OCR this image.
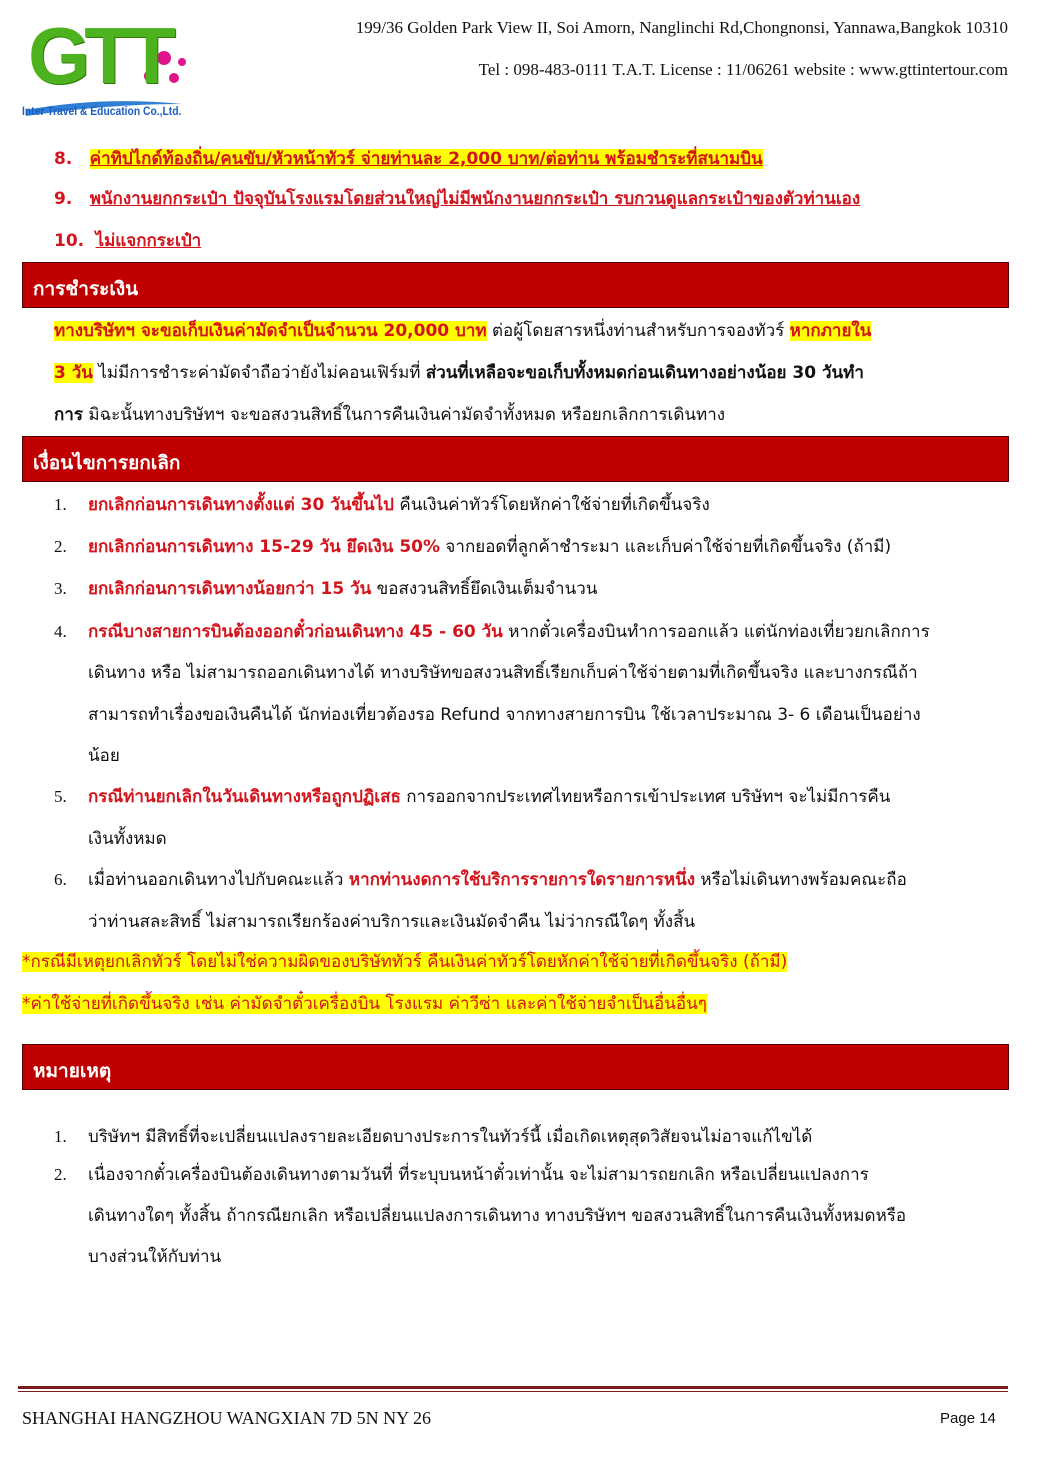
GTT
Inter Travel & Education Co.,Ltd.
199/36 Golden Park View II, Soi Amorn, Nanglinchi Rd,Chongnonsi, Yannawa,Bangkok 10310
Tel : 098-483-0111 T.A.T. License : 11/06261 website : www.gttintertour.com
8. ค่าทิปไกด์ท้องถิ่น/คนขับ/หัวหน้าทัวร์ จ่ายท่านละ 2,000 บาท/ต่อท่าน พร้อมชำระที่สนามบิน
9. พนักงานยกกระเป๋า ปัจจุบันโรงแรมโดยส่วนใหญ่ไม่มีพนักงานยกกระเป๋า รบกวนดูแลกระเป๋าของตัวท่านเอง
10. ไม่แจกกระเป๋า
การชำระเงิน
ทางบริษัทฯ จะขอเก็บเงินค่ามัดจำเป็นจำนวน 20,000 บาท ต่อผู้โดยสารหนึ่งท่านสำหรับการจองทัวร์ หากภายใน
3 วัน ไม่มีการชำระค่ามัดจำถือว่ายังไม่คอนเฟิร์มที่ ส่วนที่เหลือจะขอเก็บทั้งหมดก่อนเดินทางอย่างน้อย 30 วันทำ
การ มิฉะนั้นทางบริษัทฯ จะขอสงวนสิทธิ์ในการคืนเงินค่ามัดจำทั้งหมด หรือยกเลิกการเดินทาง
เงื่อนไขการยกเลิก
1. ยกเลิกก่อนการเดินทางตั้งแต่ 30 วันขึ้นไป คืนเงินค่าทัวร์โดยหักค่าใช้จ่ายที่เกิดขึ้นจริง
2. ยกเลิกก่อนการเดินทาง 15-29 วัน ยึดเงิน 50% จากยอดที่ลูกค้าชำระมา และเก็บค่าใช้จ่ายที่เกิดขึ้นจริง (ถ้ามี)
3. ยกเลิกก่อนการเดินทางน้อยกว่า 15 วัน ขอสงวนสิทธิ์ยึดเงินเต็มจำนวน
4. กรณีบางสายการบินต้องออกตั๋วก่อนเดินทาง 45 - 60 วัน หากตั๋วเครื่องบินทำการออกแล้ว แต่นักท่องเที่ยวยกเลิกการ
เดินทาง หรือ ไม่สามารถออกเดินทางได้ ทางบริษัทขอสงวนสิทธิ์เรียกเก็บค่าใช้จ่ายตามที่เกิดขึ้นจริง และบางกรณีถ้า
สามารถทำเรื่องขอเงินคืนได้ นักท่องเที่ยวต้องรอ Refund จากทางสายการบิน ใช้เวลาประมาณ 3- 6 เดือนเป็นอย่าง
น้อย
5. กรณีท่านยกเลิกในวันเดินทางหรือถูกปฏิเสธ การออกจากประเทศไทยหรือการเข้าประเทศ บริษัทฯ จะไม่มีการคืน
เงินทั้งหมด
6. เมื่อท่านออกเดินทางไปกับคณะแล้ว หากท่านงดการใช้บริการรายการใดรายการหนึ่ง หรือไม่เดินทางพร้อมคณะถือ
ว่าท่านสละสิทธิ์ ไม่สามารถเรียกร้องค่าบริการและเงินมัดจำคืน ไม่ว่ากรณีใดๆ ทั้งสิ้น
*กรณีมีเหตุยกเลิกทัวร์ โดยไม่ใช่ความผิดของบริษัททัวร์ คืนเงินค่าทัวร์โดยหักค่าใช้จ่ายที่เกิดขึ้นจริง (ถ้ามี)
*ค่าใช้จ่ายที่เกิดขึ้นจริง เช่น ค่ามัดจำตั๋วเครื่องบิน โรงแรม ค่าวีซ่า และค่าใช้จ่ายจำเป็นอื่นอื่นๆ
หมายเหตุ
1. บริษัทฯ มีสิทธิ์ที่จะเปลี่ยนแปลงรายละเอียดบางประการในทัวร์นี้ เมื่อเกิดเหตุสุดวิสัยจนไม่อาจแก้ไขได้
2. เนื่องจากตั๋วเครื่องบินต้องเดินทางตามวันที่ ที่ระบุบนหน้าตั๋วเท่านั้น จะไม่สามารถยกเลิก หรือเปลี่ยนแปลงการ
เดินทางใดๆ ทั้งสิ้น ถ้ากรณียกเลิก หรือเปลี่ยนแปลงการเดินทาง ทางบริษัทฯ ขอสงวนสิทธิ์ในการคืนเงินทั้งหมดหรือ
บางส่วนให้กับท่าน
SHANGHAI HANGZHOU WANGXIAN 7D 5N NY 26	Page 14
